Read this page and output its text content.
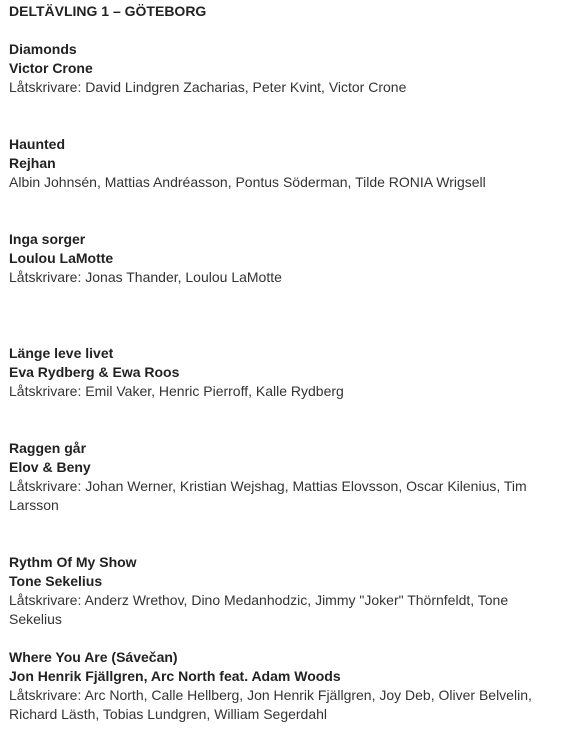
DELTÄVLING 1 – GÖTEBORG

Diamonds
Victor Crone
Låtskrivare: David Lindgren Zacharias, Peter Kvint, Victor Crone
Haunted
Rejhan
Albin Johnsén, Mattias Andréasson, Pontus Söderman, Tilde RONIA Wrigsell
Inga sorger
Loulou LaMotte
Låtskrivare: Jonas Thander, Loulou LaMotte
Länge leve livet
Eva Rydberg & Ewa Roos
Låtskrivare: Emil Vaker, Henric Pierroff, Kalle Rydberg
Raggen går
Elov & Beny
Låtskrivare: Johan Werner, Kristian Wejshag, Mattias Elovsson, Oscar Kilenius, Tim Larsson
Rythm Of My Show
Tone Sekelius
Låtskrivare: Anderz Wrethov, Dino Medanhodzic, Jimmy "Joker" Thörnfeldt, Tone Sekelius
Where You Are (Sávečan)
Jon Henrik Fjällgren, Arc North feat. Adam Woods
Låtskrivare: Arc North, Calle Hellberg, Jon Henrik Fjällgren, Joy Deb, Oliver Belvelin, Richard Lästh, Tobias Lundgren, William Segerdahl
